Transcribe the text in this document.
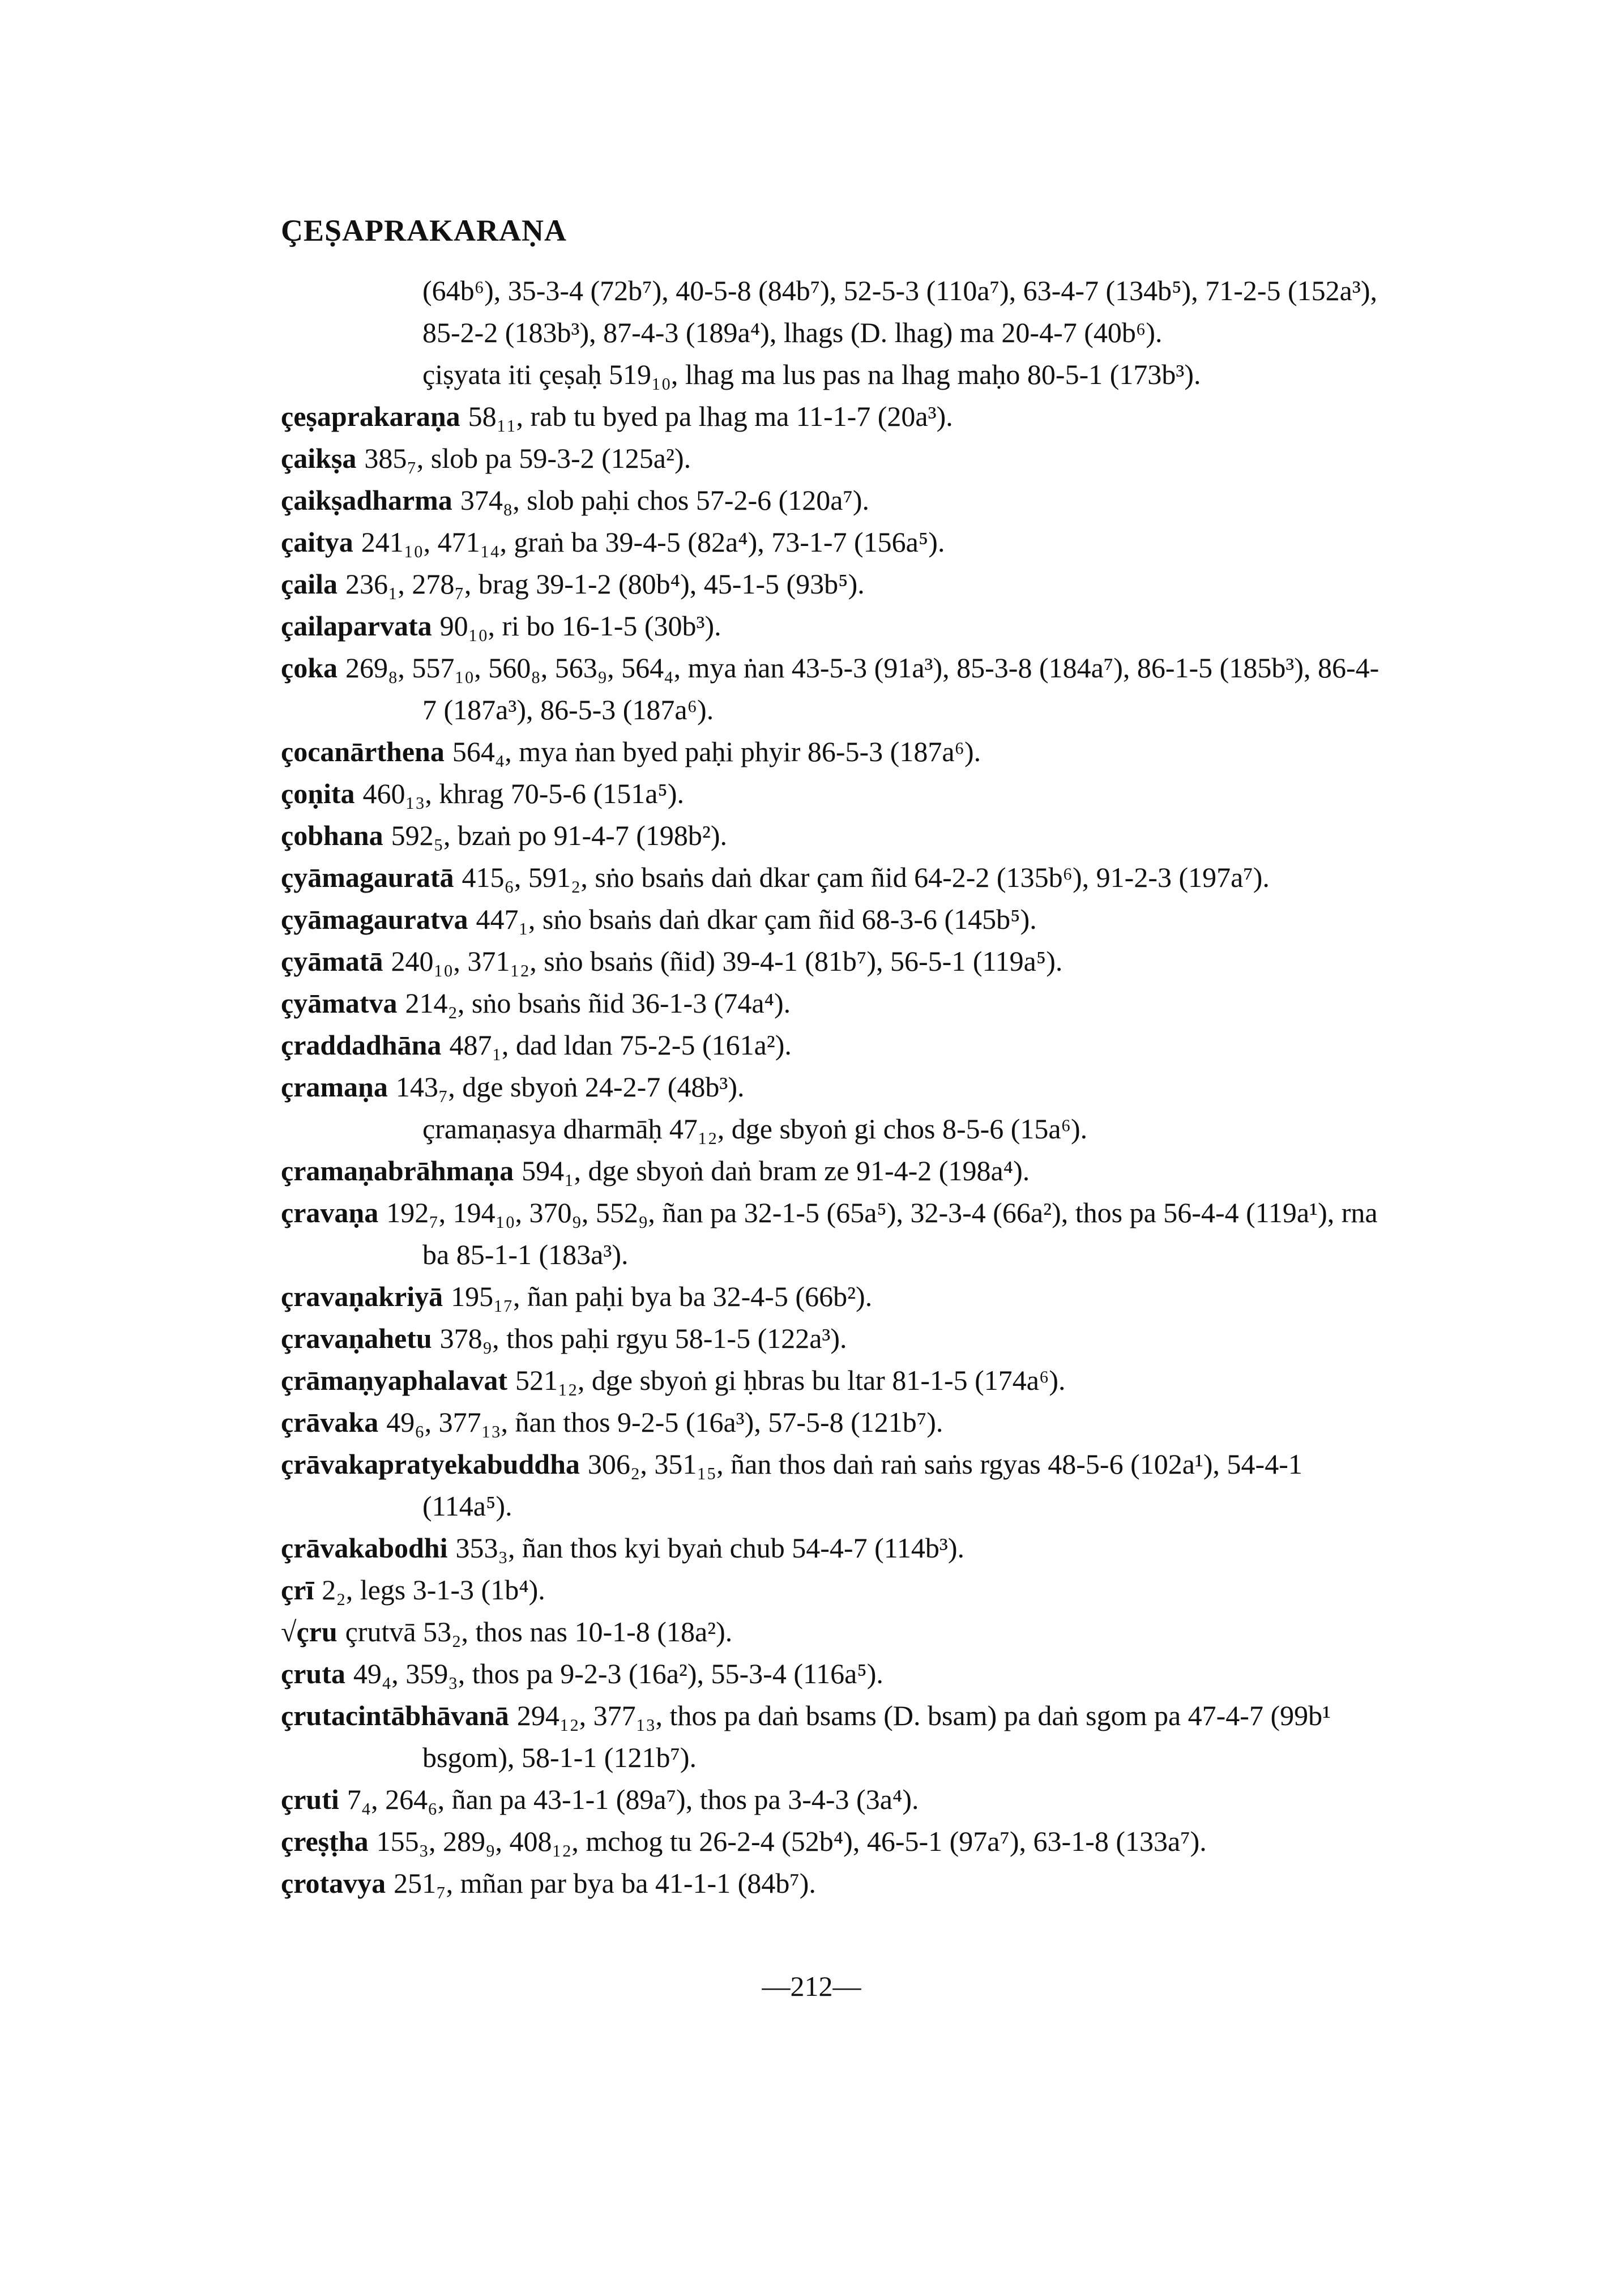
ÇEṢAPRAKARAṆA

(64b⁶), 35-3-4 (72b⁷), 40-5-8 (84b⁷), 52-5-3 (110a⁷), 63-4-7 (134b⁵), 71-2-5 (152a³), 85-2-2 (183b³), 87-4-3 (189a⁴), lhags (D. lhag) ma 20-4-7 (40b⁶).

çiṣyata iti çeṣaḥ 519₁₀, lhag ma lus pas na lhag maḥo 80-5-1 (173b³).

çeṣaprakaraṇa 58₁₁, rab tu byed pa lhag ma 11-1-7 (20a³).

çaikṣa 385₇, slob pa 59-3-2 (125a²).

çaikṣadharma 374₈, slob paḥi chos 57-2-6 (120a⁷).

çaitya 241₁₀, 471₁₄, graṅ ba 39-4-5 (82a⁴), 73-1-7 (156a⁵).

çaila 236₁, 278₇, brag 39-1-2 (80b⁴), 45-1-5 (93b⁵).

çailaparvata 90₁₀, ri bo 16-1-5 (30b³).

çoka 269₈, 557₁₀, 560₈, 563₉, 564₄, mya ṅan 43-5-3 (91a³), 85-3-8 (184a⁷), 86-1-5 (185b³), 86-4-7 (187a³), 86-5-3 (187a⁶).

çocanārthena 564₄, mya ṅan byed paḥi phyir 86-5-3 (187a⁶).

çoṇita 460₁₃, khrag 70-5-6 (151a⁵).

çobhana 592₅, bzaṅ po 91-4-7 (198b²).

çyāmagauratā 415₆, 591₂, sṅo bsaṅs daṅ dkar çam ñid 64-2-2 (135b⁶), 91-2-3 (197a⁷).

çyāmagauratva 447₁, sṅo bsaṅs daṅ dkar çam ñid 68-3-6 (145b⁵).

çyāmatā 240₁₀, 371₁₂, sṅo bsaṅs (ñid) 39-4-1 (81b⁷), 56-5-1 (119a⁵).

çyāmatva 214₂, sṅo bsaṅs ñid 36-1-3 (74a⁴).

çraddadhāna 487₁, dad ldan 75-2-5 (161a²).

çramaṇa 143₇, dge sbyoṅ 24-2-7 (48b³).

çramaṇasya dharmāḥ 47₁₂, dge sbyoṅ gi chos 8-5-6 (15a⁶).

çramaṇabrāhmaṇa 594₁, dge sbyoṅ daṅ bram ze 91-4-2 (198a⁴).

çravaṇa 192₇, 194₁₀, 370₉, 552₉, ñan pa 32-1-5 (65a⁵), 32-3-4 (66a²), thos pa 56-4-4 (119a¹), rna ba 85-1-1 (183a³).

çravaṇakriyā 195₁₇, ñan paḥi bya ba 32-4-5 (66b²).

çravaṇahetu 378₉, thos paḥi rgyu 58-1-5 (122a³).

çrāmaṇyaphalavat 521₁₂, dge sbyoṅ gi ḥbras bu ltar 81-1-5 (174a⁶).

çrāvaka 49₆, 377₁₃, ñan thos 9-2-5 (16a³), 57-5-8 (121b⁷).

çrāvakapratyekabuddha 306₂, 351₁₅, ñan thos daṅ raṅ saṅs rgyas 48-5-6 (102a¹), 54-4-1 (114a⁵).

çrāvakabodhi 353₃, ñan thos kyi byaṅ chub 54-4-7 (114b³).

çrī 2₂, legs 3-1-3 (1b⁴).

√çru çrutvā 53₂, thos nas 10-1-8 (18a²).

çruta 49₄, 359₃, thos pa 9-2-3 (16a²), 55-3-4 (116a⁵).

çrutacintābhāvanā 294₁₂, 377₁₃, thos pa daṅ bsams (D. bsam) pa daṅ sgom pa 47-4-7 (99b¹ bsgom), 58-1-1 (121b⁷).

çruti 7₄, 264₆, ñan pa 43-1-1 (89a⁷), thos pa 3-4-3 (3a⁴).

çreṣṭha 155₃, 289₉, 408₁₂, mchog tu 26-2-4 (52b⁴), 46-5-1 (97a⁷), 63-1-8 (133a⁷).

çrotavya 251₇, mñan par bya ba 41-1-1 (84b⁷).

—212—
